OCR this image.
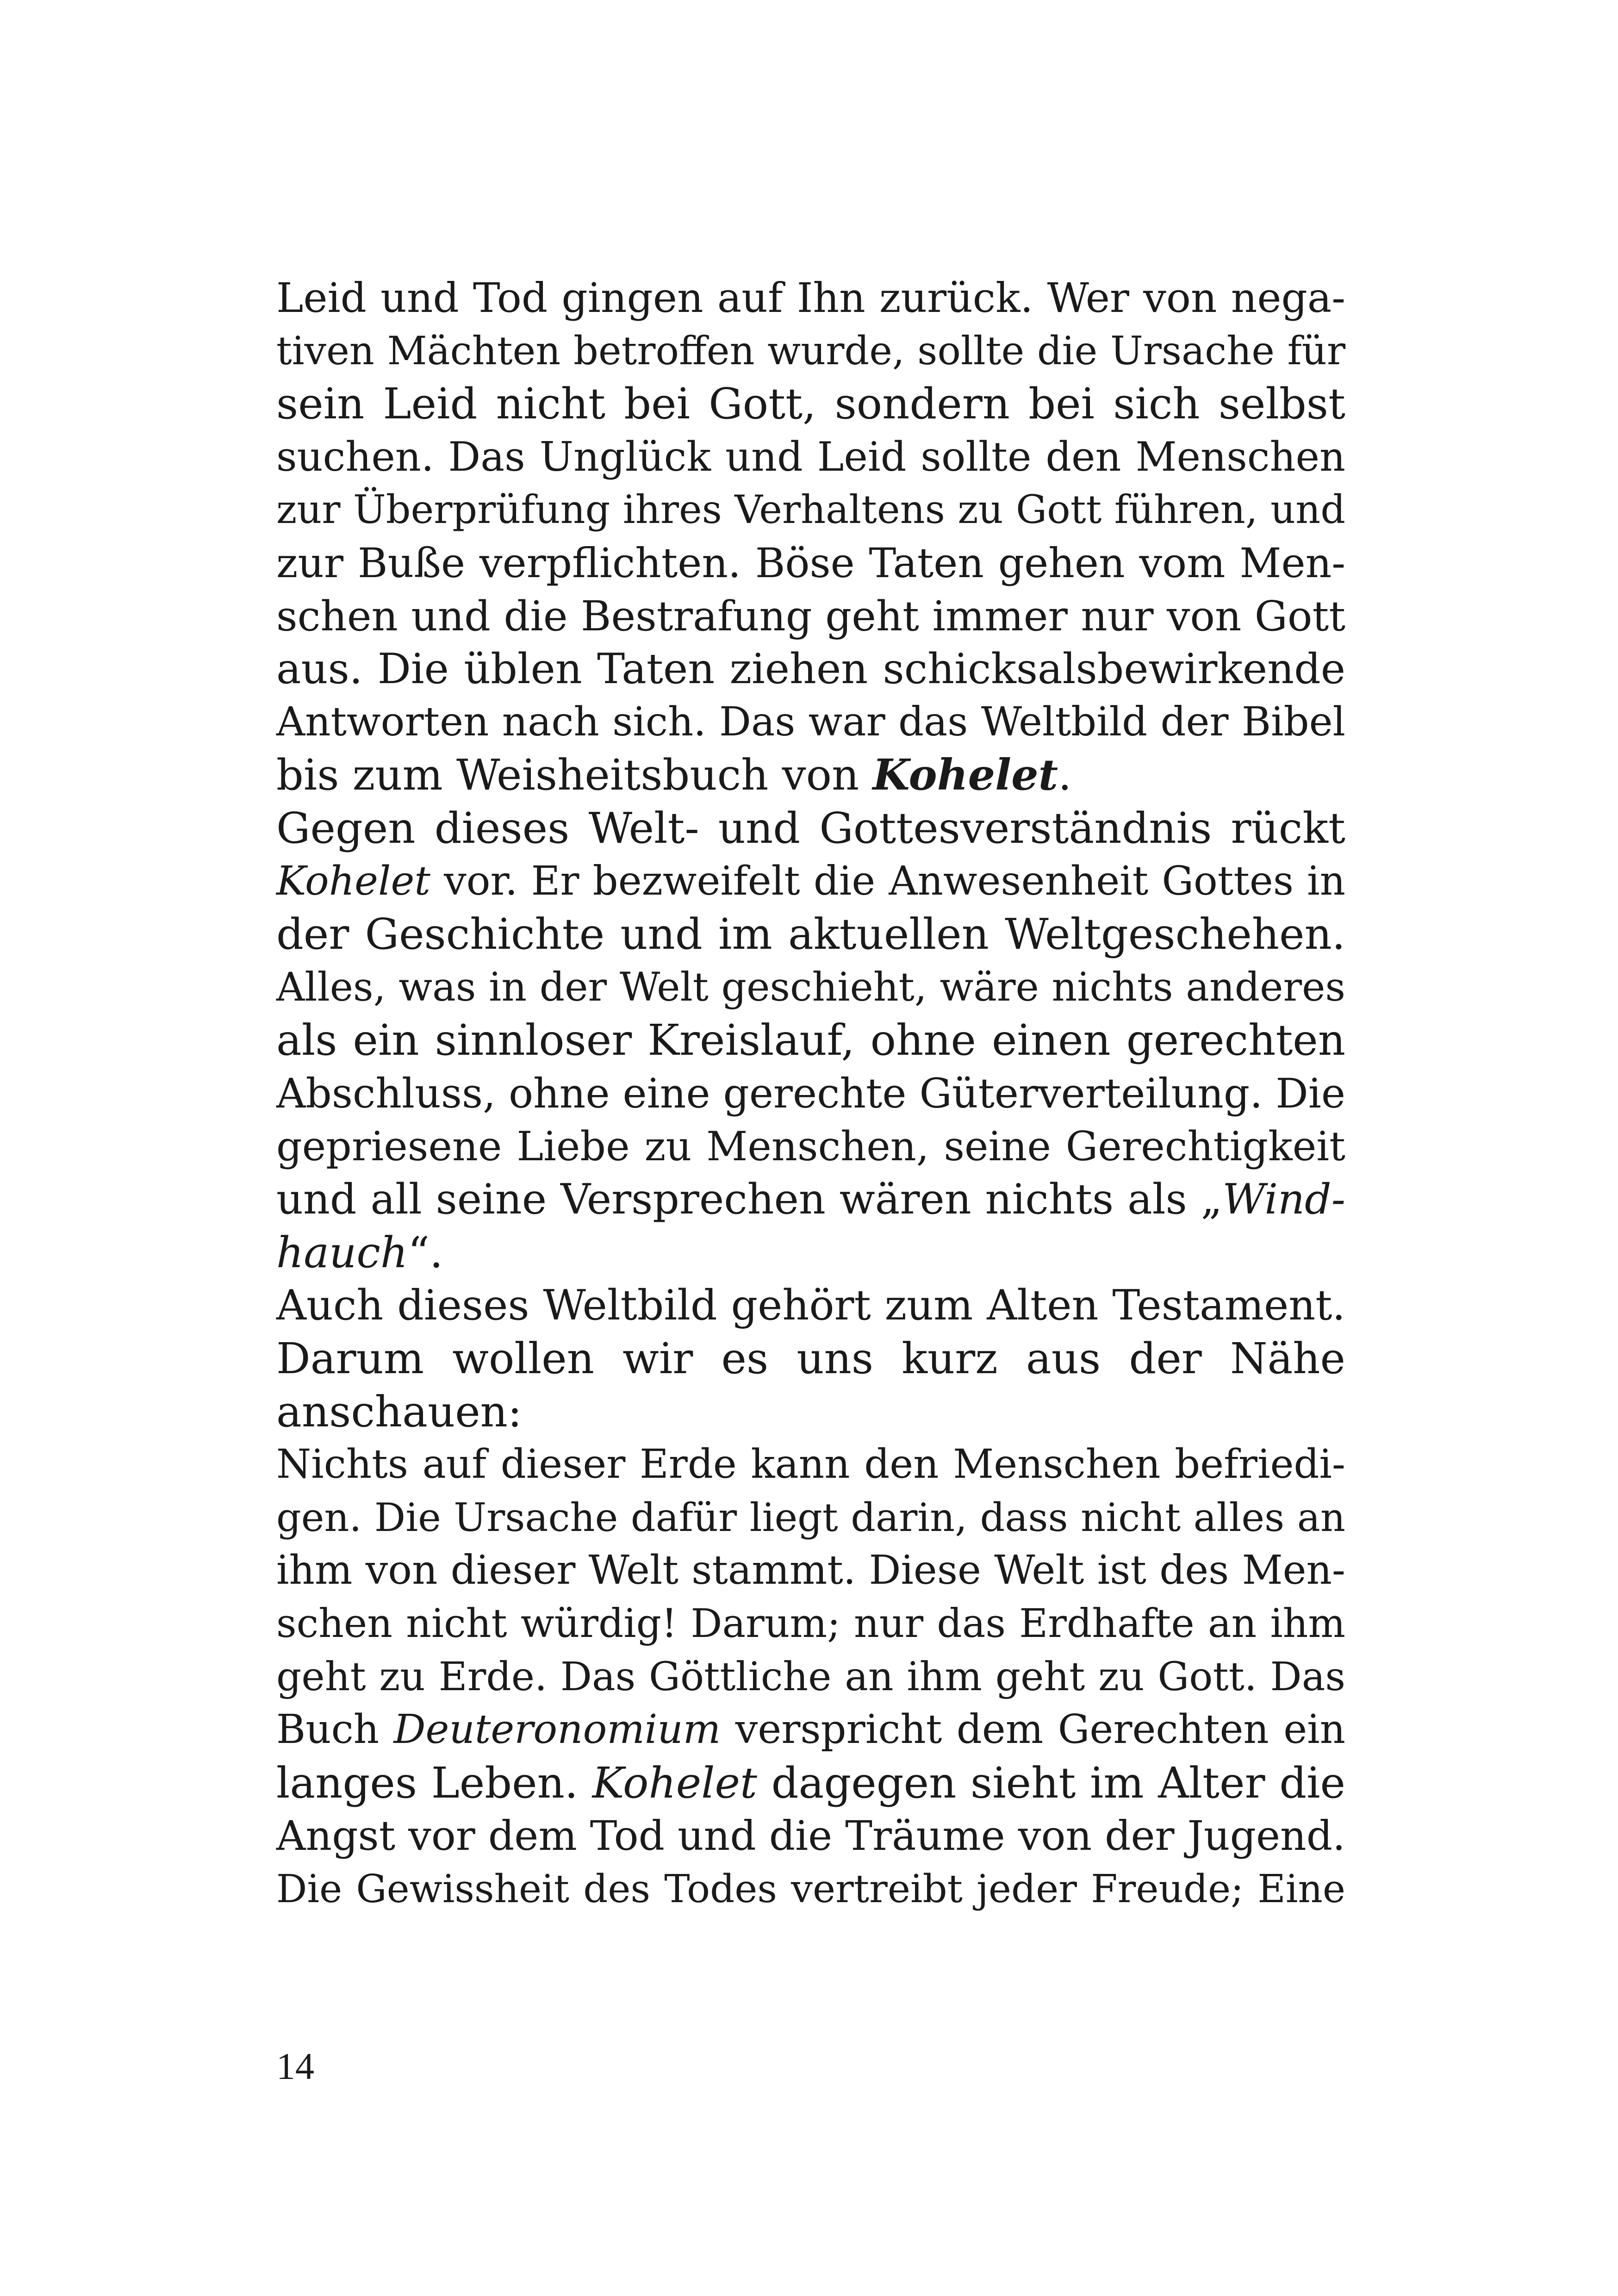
Leid und Tod gingen auf Ihn zurück. Wer von nega-
tiven Mächten betroffen wurde, sollte die Ursache für
sein Leid nicht bei Gott, sondern bei sich selbst
suchen. Das Unglück und Leid sollte den Menschen
zur Überprüfung ihres Verhaltens zu Gott führen, und
zur Buße verpflichten. Böse Taten gehen vom Men-
schen und die Bestrafung geht immer nur von Gott
aus. Die üblen Taten ziehen schicksalsbewirkende
Antworten nach sich. Das war das Weltbild der Bibel
bis zum Weisheitsbuch von Kohelet.
Gegen dieses Welt- und Gottesverständnis rückt
Kohelet vor. Er bezweifelt die Anwesenheit Gottes in
der Geschichte und im aktuellen Weltgeschehen.
Alles, was in der Welt geschieht, wäre nichts anderes
als ein sinnloser Kreislauf, ohne einen gerechten
Abschluss, ohne eine gerechte Güterverteilung. Die
gepriesene Liebe zu Menschen, seine Gerechtigkeit
und all seine Versprechen wären nichts als „Wind-
hauch“.
Auch dieses Weltbild gehört zum Alten Testament.
Darum wollen wir es uns kurz aus der Nähe
anschauen:
Nichts auf dieser Erde kann den Menschen befriedi-
gen. Die Ursache dafür liegt darin, dass nicht alles an
ihm von dieser Welt stammt. Diese Welt ist des Men-
schen nicht würdig! Darum; nur das Erdhafte an ihm
geht zu Erde. Das Göttliche an ihm geht zu Gott. Das
Buch Deuteronomium verspricht dem Gerechten ein
langes Leben. Kohelet dagegen sieht im Alter die
Angst vor dem Tod und die Träume von der Jugend.
Die Gewissheit des Todes vertreibt jeder Freude; Eine
14
